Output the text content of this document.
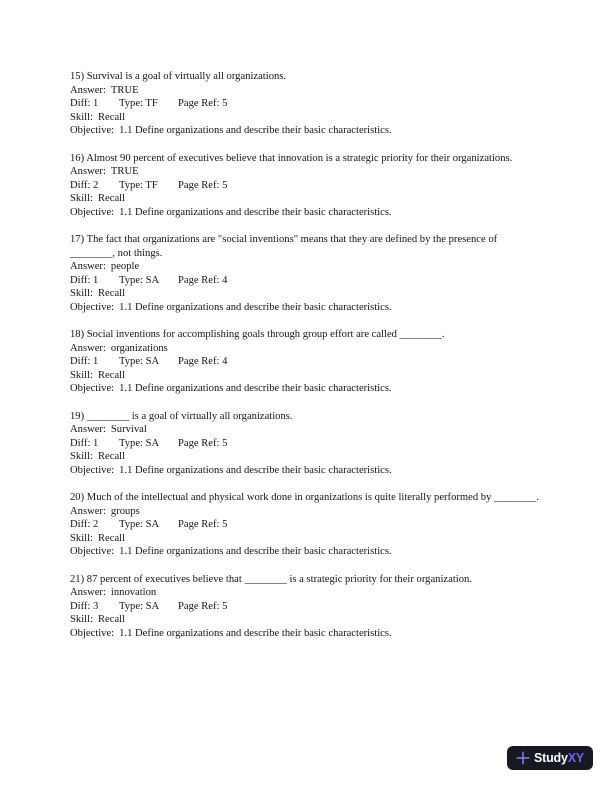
15) Survival is a goal of virtually all organizations.

Answer: TRUE

Diff: 1 Type: TF Page Ref: 5

Skill: Recall

Objective: 1.1 Define organizations and describe their basic characteristics.

16) Almost 90 percent of executives believe that innovation is a strategic priority for their organizations.

Answer: TRUE

Diff: 2 Type: TF Page Ref: 5

Skill: Recall

Objective: 1.1 Define organizations and describe their basic characteristics.

17) The fact that organizations are "social inventions" means that they are defined by the presence of ________, not things.

Answer: people

Diff: 1 Type: SA Page Ref: 4

Skill: Recall

Objective: 1.1 Define organizations and describe their basic characteristics.

18) Social inventions for accomplishing goals through group effort are called ________.

Answer: organizations

Diff: 1 Type: SA Page Ref: 4

Skill: Recall

Objective: 1.1 Define organizations and describe their basic characteristics.

19) ________ is a goal of virtually all organizations.

Answer: Survival

Diff: 1 Type: SA Page Ref: 5

Skill: Recall

Objective: 1.1 Define organizations and describe their basic characteristics.

20) Much of the intellectual and physical work done in organizations is quite literally performed by ________.

Answer: groups

Diff: 2 Type: SA Page Ref: 5

Skill: Recall

Objective: 1.1 Define organizations and describe their basic characteristics.

21) 87 percent of executives believe that ________ is a strategic priority for their organization.

Answer: innovation

Diff: 3 Type: SA Page Ref: 5

Skill: Recall

Objective: 1.1 Define organizations and describe their basic characteristics.

StudyXY
